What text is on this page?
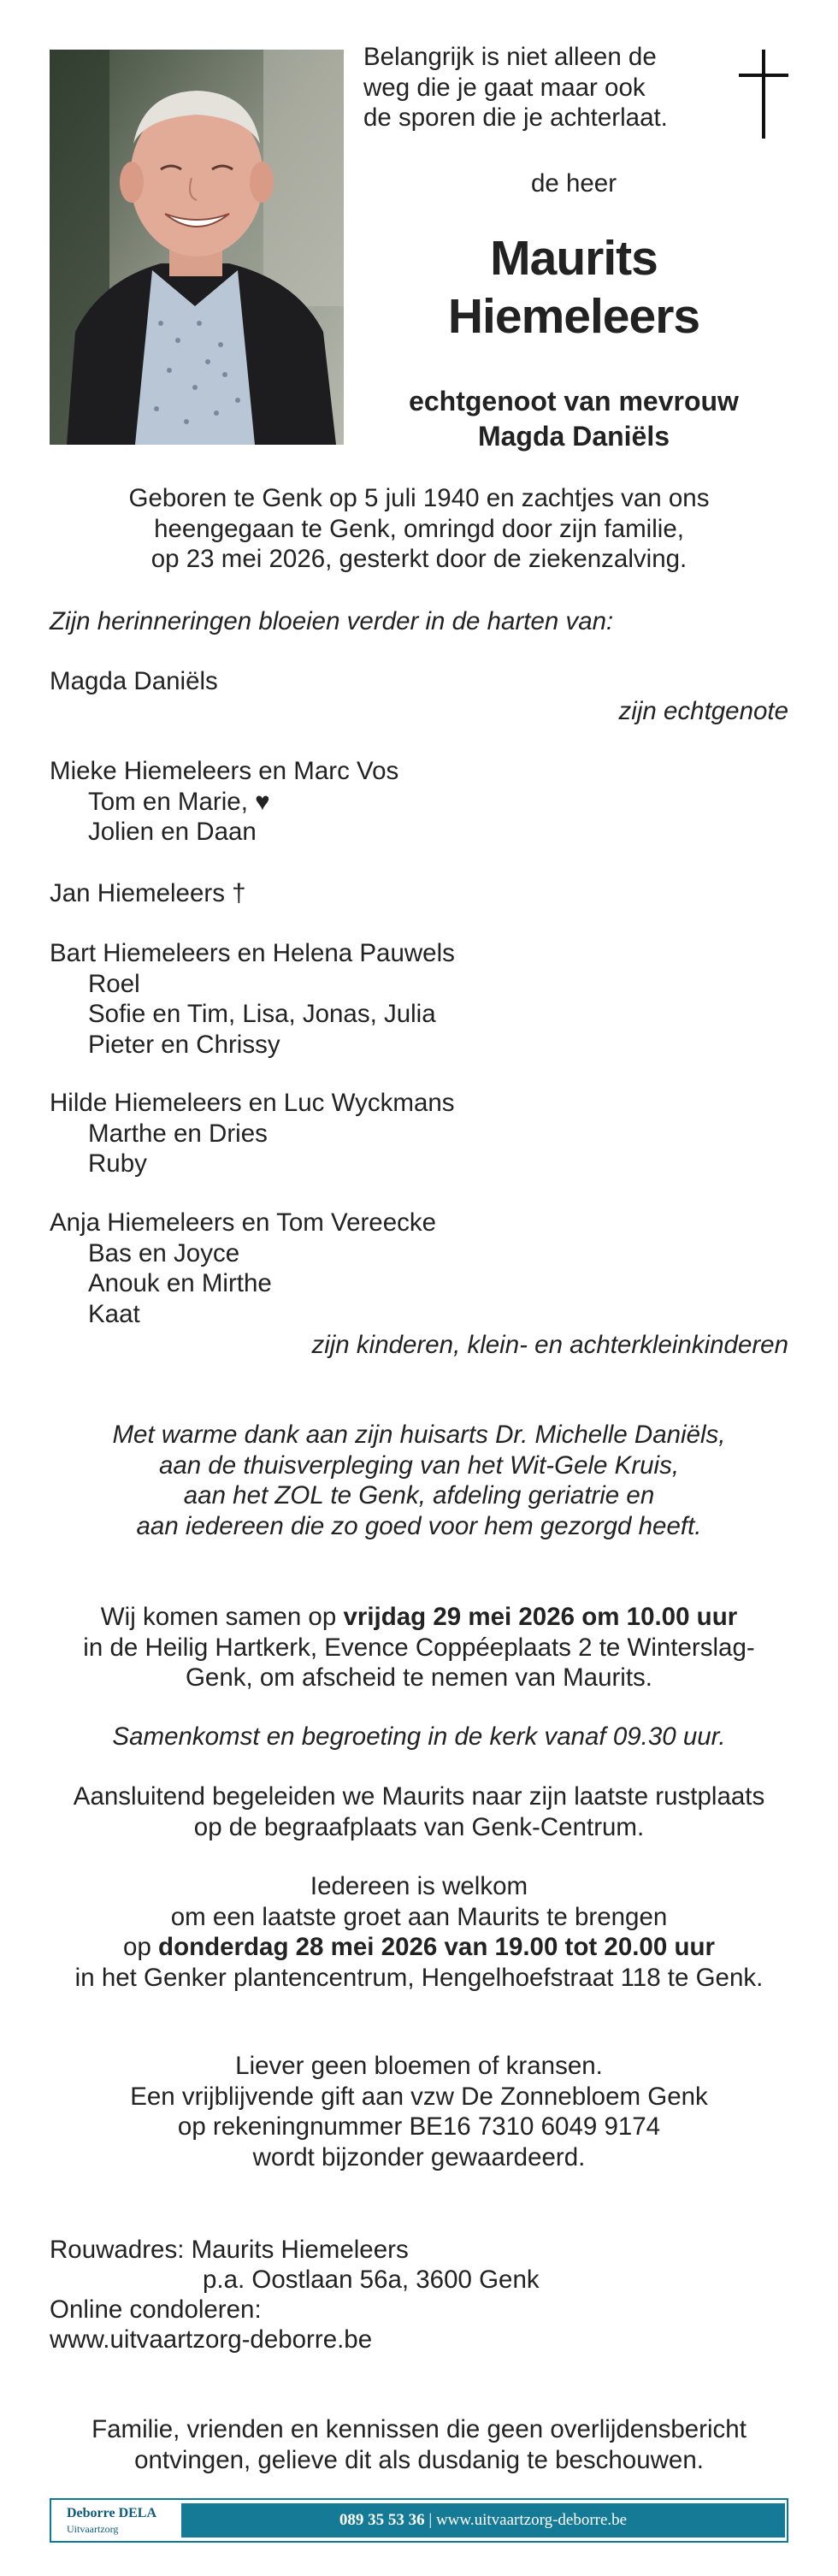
Belangrijk is niet alleen de
weg die je gaat maar ook
de sporen die je achterlaat.
de heer
Maurits
Hiemeleers
echtgenoot van mevrouw
Magda Daniëls
Geboren te Genk op 5 juli 1940 en zachtjes van ons
heengegaan te Genk, omringd door zijn familie,
op 23 mei 2026, gesterkt door de ziekenzalving.
Zijn herinneringen bloeien verder in de harten van:
Magda Daniëls
zijn echtgenote
Mieke Hiemeleers en Marc Vos
Tom en Marie, ♥
Jolien en Daan
Jan Hiemeleers †
Bart Hiemeleers en Helena Pauwels
Roel
Sofie en Tim, Lisa, Jonas, Julia
Pieter en Chrissy
Hilde Hiemeleers en Luc Wyckmans
Marthe en Dries
Ruby
Anja Hiemeleers en Tom Vereecke
Bas en Joyce
Anouk en Mirthe
Kaat
zijn kinderen, klein- en achterkleinkinderen
Met warme dank aan zijn huisarts Dr. Michelle Daniëls,
aan de thuisverpleging van het Wit-Gele Kruis,
aan het ZOL te Genk, afdeling geriatrie en
aan iedereen die zo goed voor hem gezorgd heeft.
Wij komen samen op vrijdag 29 mei 2026 om 10.00 uur
in de Heilig Hartkerk, Evence Coppéeplaats 2 te Winterslag-
Genk, om afscheid te nemen van Maurits.
Samenkomst en begroeting in de kerk vanaf 09.30 uur.
Aansluitend begeleiden we Maurits naar zijn laatste rustplaats
op de begraafplaats van Genk-Centrum.
Iedereen is welkom
om een laatste groet aan Maurits te brengen
op donderdag 28 mei 2026 van 19.00 tot 20.00 uur
in het Genker plantencentrum, Hengelhoefstraat 118 te Genk.
Liever geen bloemen of kransen.
Een vrijblijvende gift aan vzw De Zonnebloem Genk
op rekeningnummer BE16 7310 6049 9174
wordt bijzonder gewaardeerd.
Rouwadres: Maurits Hiemeleers
p.a. Oostlaan 56a, 3600 Genk
Online condoleren:
www.uitvaartzorg-deborre.be
Familie, vrienden en kennissen die geen overlijdensbericht
ontvingen, gelieve dit als dusdanig te beschouwen.
Deborre DELA
Uitvaartzorg	089 35 53 36 | www.uitvaartzorg-deborre.be
